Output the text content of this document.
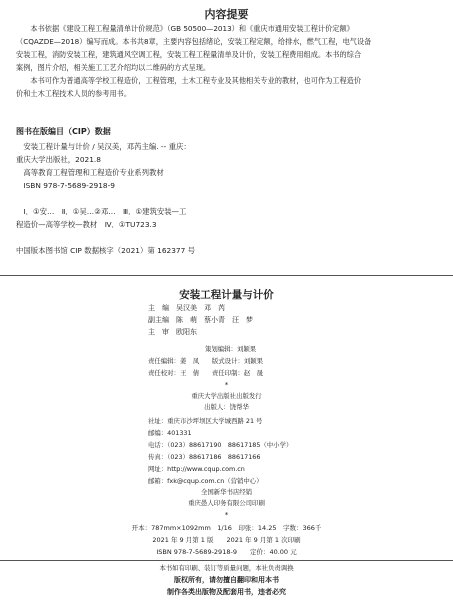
内容提要
　　本书依据《建设工程工程量清单计价规范》（GB 50500—2013）和《重庆市通用安装工程计价定额》
（CQAZDE—2018）编写而成。本书共8章，主要内容包括绪论，安装工程定额，给排水，燃气工程，电气设备
安装工程，消防安装工程，建筑通风空调工程，安装工程工程量清单及计价，安装工程费用组成。本书的综合
案例，图片介绍，相关施工工艺介绍均以二维码的方式呈现。
　　本书可作为普通高等学校工程造价，工程管理，土木工程专业及其他相关专业的教材，也可作为工程造价
价和土木工程技术人员的参考用书。
图书在版编目（CIP）数据
　安装工程计量与计价 / 吴汉美，邓芮主编. -- 重庆：
重庆大学出版社，2021.8
　高等教育工程管理和工程造价专业系列教材
　ISBN 978-7-5689-2918-9

　Ⅰ．①安…　Ⅱ．①吴…②邓…　Ⅲ．①建筑安装—工
程造价—高等学校—教材　Ⅳ．①TU723.3

中国版本图书馆 CIP 数据核字（2021）第 162377 号
安装工程计量与计价
主　编　吴汉美　邓　芮
副主编　陈　萌　蔡小青　汪　梦
主　审　欧阳东
策划编辑：刘颖果
责任编辑：姜　凤　　版式设计：刘颖果
责任校对：王　倩　　责任印制：赵　晟
*
重庆大学出版社出版发行
出版人：饶帮华
社址：重庆市沙坪坝区大学城西路 21 号
邮编：401331
电话：（023）88617190　88617185（中小学）
传真：（023）88617186　88617166
网址：http://www.cqup.com.cn
邮箱：fxk@cqup.com.cn（营销中心）
全国新华书店经销
重庆愚人印务有限公司印刷
*
开本：787mm×1092mm　1/16　印张：14.25　字数：366千
2021 年 9 月第 1 版　　2021 年 9 月第 1 次印刷
ISBN 978-7-5689-2918-9　　定价：40.00 元
本书如有印刷、装订等质量问题，本社负责调换
版权所有，请勿擅自翻印和用本书
制作各类出版物及配套用书，违者必究
